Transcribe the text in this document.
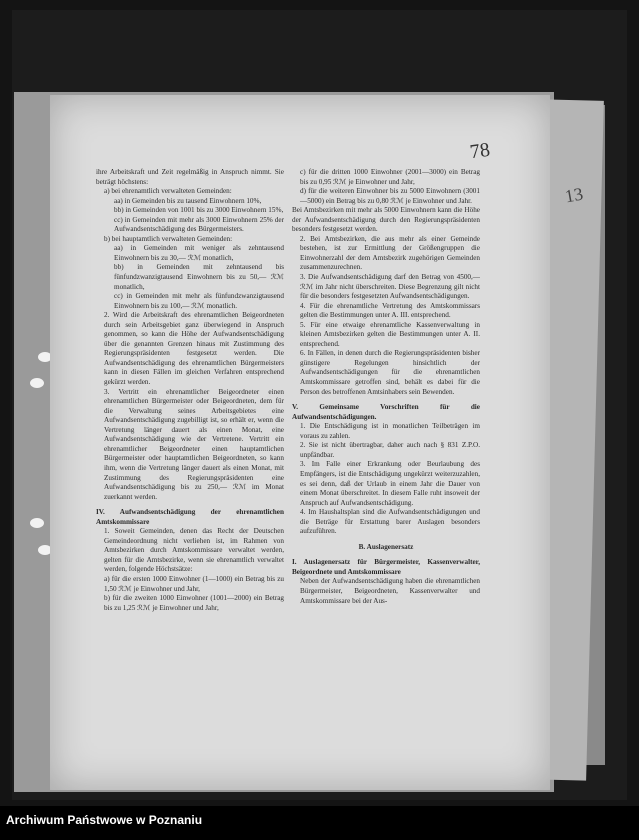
ihre Arbeitskraft und Zeit regelmäßig in Anspruch nimmt. Sie beträgt höchstens:

a) bei ehrenamtlich verwalteten Gemeinden:

aa) in Gemeinden bis zu tausend Einwohnern 10%,

bb) in Gemeinden von 1001 bis zu 3000 Einwohnern 15%,

cc) in Gemeinden mit mehr als 3000 Einwohnern 25% der Aufwandsentschädigung des Bürgermeisters.

b) bei hauptamtlich verwalteten Gemeinden:

aa) in Gemeinden mit weniger als zehntausend Einwohnern bis zu 30,— ℛℳ monatlich,

bb) in Gemeinden mit zehntausend bis fünfundzwanzigtausend Einwohnern bis zu 50,— ℛℳ monatlich,

cc) in Gemeinden mit mehr als fünfundzwanzigtausend Einwohnern bis zu 100,— ℛℳ monatlich.

2. Wird die Arbeitskraft des ehrenamtlichen Beigeordneten durch sein Arbeitsgebiet ganz überwiegend in Anspruch genommen, so kann die Höhe der Aufwandsentschädigung über die genannten Grenzen hinaus mit Zustimmung des Regierungspräsidenten festgesetzt werden. Die Aufwandsentschädigung des ehrenamtlichen Bürgermeisters kann in diesen Fällen im gleichen Verfahren entsprechend gekürzt werden.

3. Vertritt ein ehrenamtlicher Beigeordneter einen ehrenamtlichen Bürgermeister oder Beigeordneten, dem für die Verwaltung seines Arbeitsgebietes eine Aufwandsentschädigung zugebilligt ist, so erhält er, wenn die Vertretung länger dauert als einen Monat, eine Aufwandsentschädigung wie der Vertretene. Vertritt ein ehrenamtlicher Beigeordneter einen hauptamtlichen Bürgermeister oder hauptamtlichen Beigeordneten, so kann ihm, wenn die Vertretung länger dauert als einen Monat, mit Zustimmung des Regierungspräsidenten eine Aufwandsentschädigung bis zu 250,— ℛℳ im Monat zuerkannt werden.

IV. Aufwandsentschädigung der ehrenamtlichen Amtskommissare

1. Soweit Gemeinden, denen das Recht der Deutschen Gemeindeordnung nicht verliehen ist, im Rahmen von Amtsbezirken durch Amtskommissare verwaltet werden, gelten für die Amtsbezirke, wenn sie ehrenamtlich verwaltet werden, folgende Höchstsätze:

a) für die ersten 1000 Einwohner (1—1000) ein Betrag bis zu 1,50 ℛℳ je Einwohner und Jahr,

b) für die zweiten 1000 Einwohner (1001—2000) ein Betrag bis zu 1,25 ℛℳ je Einwohner und Jahr,

c) für die dritten 1000 Einwohner (2001—3000) ein Betrag bis zu 0,95 ℛℳ je Einwohner und Jahr,

d) für die weiteren Einwohner bis zu 5000 Einwohnern (3001—5000) ein Betrag bis zu 0,80 ℛℳ je Einwohner und Jahr.

Bei Amtsbezirken mit mehr als 5000 Einwohnern kann die Höhe der Aufwandsentschädigung durch den Regierungspräsidenten besonders festgesetzt werden.

2. Bei Amtsbezirken, die aus mehr als einer Gemeinde bestehen, ist zur Ermittlung der Größengruppen die Einwohnerzahl der dem Amtsbezirk zugehörigen Gemeinden zusammenzurechnen.

3. Die Aufwandsentschädigung darf den Betrag von 4500,— ℛℳ im Jahr nicht überschreiten. Diese Begrenzung gilt nicht für die besonders festgesetzten Aufwandsentschädigungen.

4. Für die ehrenamtliche Vertretung des Amtskommissars gelten die Bestimmungen unter A. III. entsprechend.

5. Für eine etwaige ehrenamtliche Kassenverwaltung in kleinen Amtsbezirken gelten die Bestimmungen unter A. II. entsprechend.

6. In Fällen, in denen durch die Regierungspräsidenten bisher günstigere Regelungen hinsichtlich der Aufwandsentschädigungen für die ehrenamtlichen Amtskommissare getroffen sind, behält es dabei für die Person des betroffenen Amtsinhabers sein Bewenden.

V. Gemeinsame Vorschriften für die Aufwandsentschädigungen.

1. Die Entschädigung ist in monatlichen Teilbeträgen im voraus zu zahlen.

2. Sie ist nicht übertragbar, daher auch nach § 831 Z.P.O. unpfändbar.

3. Im Falle einer Erkrankung oder Beurlaubung des Empfängers, ist die Entschädigung ungekürzt weiterzuzahlen, es sei denn, daß der Urlaub in einem Jahr die Dauer von einem Monat überschreitet. In diesem Falle ruht insoweit der Anspruch auf Aufwandsentschädigung.

4. Im Haushaltsplan sind die Aufwandsentschädigungen und die Beträge für Erstattung barer Auslagen besonders aufzuführen.

B. Auslagenersatz

I. Auslagenersatz für Bürgermeister, Kassenverwalter, Beigeordnete und Amtskommissare

Neben der Aufwandsentschädigung haben die ehrenamtlichen Bürgermeister, Beigeordneten, Kassenverwalter und Amtskommissare bei der Aus-

78
13
Archiwum Państwowe w Poznaniu
